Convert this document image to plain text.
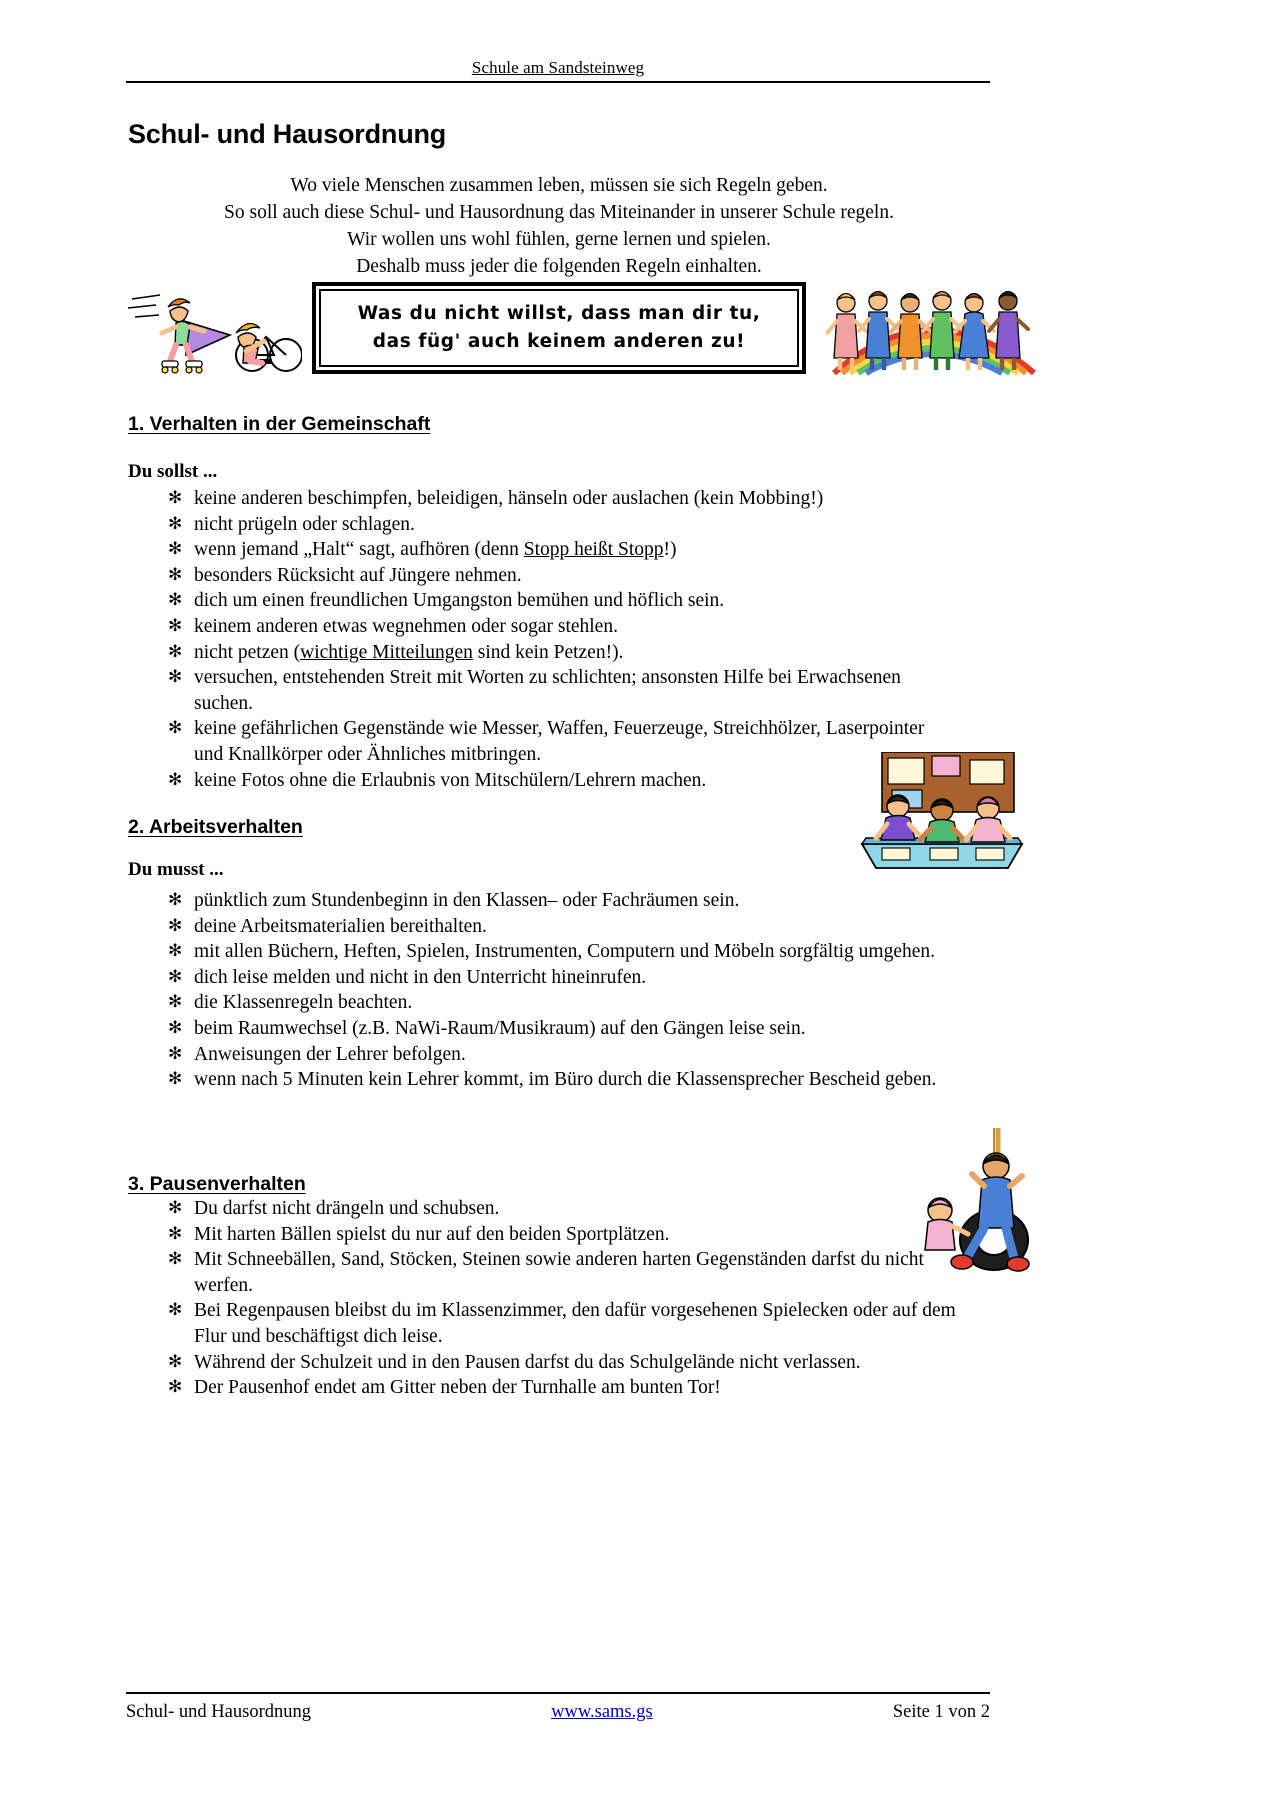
Schule am Sandsteinweg
Schul- und Hausordnung
Wo viele Menschen zusammen leben, müssen sie sich Regeln geben.
So soll auch diese Schul- und Hausordnung das Miteinander in unserer Schule regeln.
Wir wollen uns wohl fühlen, gerne lernen und spielen.
Deshalb muss jeder die folgenden Regeln einhalten.
Was du nicht willst, dass man dir tu,
das füg' auch keinem anderen zu!
1. Verhalten in der Gemeinschaft
Du sollst ...
✻ keine anderen beschimpfen, beleidigen, hänseln oder auslachen (kein Mobbing!)
✻ nicht prügeln oder schlagen.
✻ wenn jemand „Halt“ sagt, aufhören (denn Stopp heißt Stopp!)
✻ besonders Rücksicht auf Jüngere nehmen.
✻ dich um einen freundlichen Umgangston bemühen und höflich sein.
✻ keinem anderen etwas wegnehmen oder sogar stehlen.
✻ nicht petzen (wichtige Mitteilungen sind kein Petzen!).
✻ versuchen, entstehenden Streit mit Worten zu schlichten; ansonsten Hilfe bei Erwachsenen suchen.
✻ keine gefährlichen Gegenstände wie Messer, Waffen, Feuerzeuge, Streichhölzer, Laserpointer und Knallkörper oder Ähnliches mitbringen.
✻ keine Fotos ohne die Erlaubnis von Mitschülern/Lehrern machen.
2. Arbeitsverhalten
Du musst ...
✻ pünktlich zum Stundenbeginn in den Klassen– oder Fachräumen sein.
✻ deine Arbeitsmaterialien bereithalten.
✻ mit allen Büchern, Heften, Spielen, Instrumenten, Computern und Möbeln sorgfältig umgehen.
✻ dich leise melden und nicht in den Unterricht hineinrufen.
✻ die Klassenregeln beachten.
✻ beim Raumwechsel (z.B. NaWi-Raum/Musikraum) auf den Gängen leise sein.
✻ Anweisungen der Lehrer befolgen.
✻ wenn nach 5 Minuten kein Lehrer kommt, im Büro durch die Klassensprecher Bescheid geben.
3. Pausenverhalten
✻ Du darfst nicht drängeln und schubsen.
✻ Mit harten Bällen spielst du nur auf den beiden Sportplätzen.
✻ Mit Schneebällen, Sand, Stöcken, Steinen sowie anderen harten Gegenständen darfst du nicht werfen.
✻ Bei Regenpausen bleibst du im Klassenzimmer, den dafür vorgesehenen Spielecken oder auf dem Flur und beschäftigst dich leise.
✻ Während der Schulzeit und in den Pausen darfst du das Schulgelände nicht verlassen.
✻ Der Pausenhof endet am Gitter neben der Turnhalle am bunten Tor!
Schul- und Hausordnung	www.sams.gs	Seite 1 von 2
